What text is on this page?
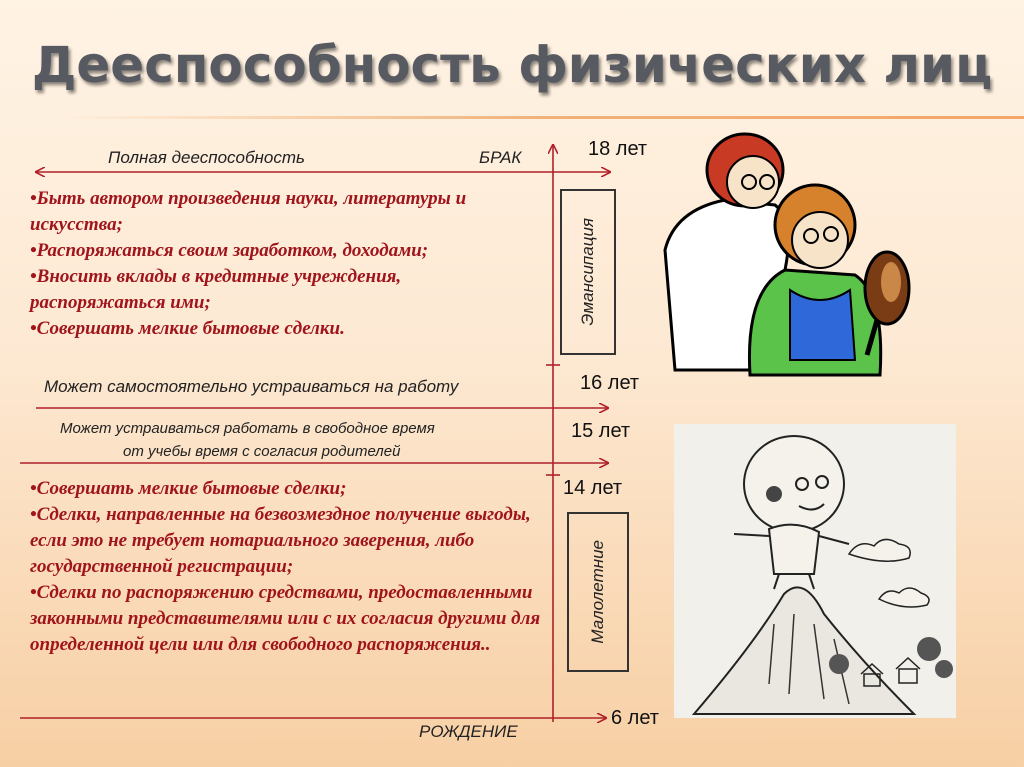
Дееспособность физических лиц
Полная дееспособность	БРАК
Может самостоятельно устраиваться на работу
Может устраиваться работать в свободное время
от учебы время с согласия родителей
РОЖДЕНИЕ
18 лет
16 лет
15 лет
14 лет
6 лет
Эмансипация
Малолетние
•Быть автором произведения науки, литературы и искусства;
•Распоряжаться своим заработком, доходами;
•Вносить вклады в кредитные учреждения, распоряжаться ими;
•Совершать мелкие бытовые сделки.
•Совершать мелкие бытовые сделки;
•Сделки, направленные на безвозмездное получение выгоды, если это не требует нотариального заверения, либо государственной регистрации;
•Сделки по распоряжению средствами, предоставленными законными представителями или с их согласия другими для определенной цели или для свободного распоряжения..
